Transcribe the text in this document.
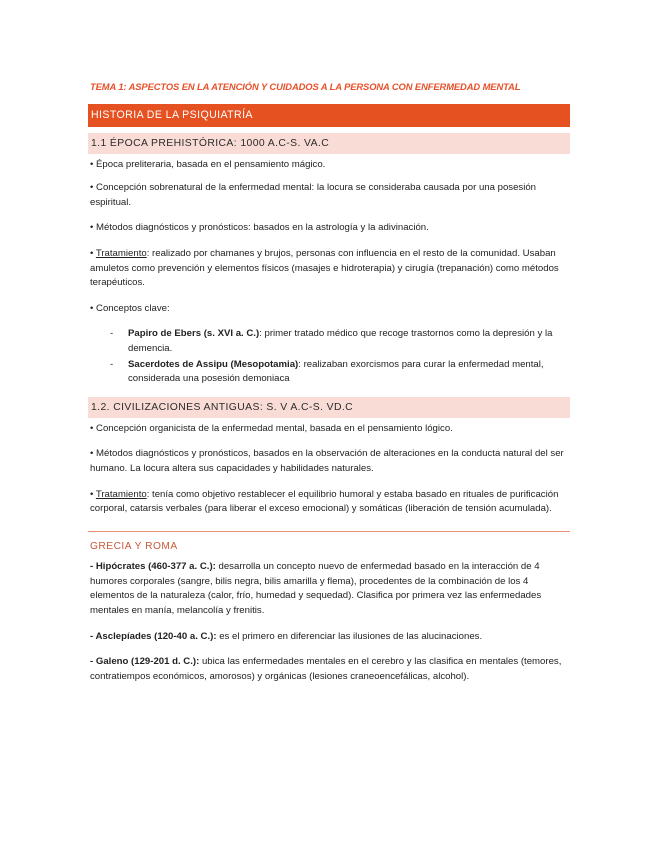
TEMA 1: ASPECTOS EN LA ATENCIÓN Y CUIDADOS A LA PERSONA CON ENFERMEDAD MENTAL
HISTORIA DE LA PSIQUIATRÍA
1.1 ÉPOCA PREHISTÓRICA: 1000 A.C-S. VA.C

• Época preliteraria, basada en el pensamiento mágico.

• Concepción sobrenatural de la enfermedad mental: la locura se consideraba causada por una posesión espiritual.

• Métodos diagnósticos y pronósticos: basados en la astrología y la adivinación.

• Tratamiento: realizado por chamanes y brujos, personas con influencia en el resto de la comunidad. Usaban amuletos como prevención y elementos físicos (masajes e hidroterapia) y cirugía (trepanación) como métodos terapéuticos.

• Conceptos clave:

- Papiro de Ebers (s. XVI a. C.): primer tratado médico que recoge trastornos como la depresión y la demencia.
- Sacerdotes de Assipu (Mesopotamia): realizaban exorcismos para curar la enfermedad mental, considerada una posesión demoniaca
1.2. CIVILIZACIONES ANTIGUAS: S. V A.C-S. VD.C

• Concepción organicista de la enfermedad mental, basada en el pensamiento lógico.

• Métodos diagnósticos y pronósticos, basados en la observación de alteraciones en la conducta natural del ser humano. La locura altera sus capacidades y habilidades naturales.

• Tratamiento: tenía como objetivo restablecer el equilibrio humoral y estaba basado en rituales de purificación corporal, catarsis verbales (para liberar el exceso emocional) y somáticas (liberación de tensión acumulada).

GRECIA Y ROMA

- Hipócrates (460-377 a. C.): desarrolla un concepto nuevo de enfermedad basado en la interacción de 4 humores corporales (sangre, bilis negra, bilis amarilla y flema), procedentes de la combinación de los 4 elementos de la naturaleza (calor, frío, humedad y sequedad). Clasifica por primera vez las enfermedades mentales en manía, melancolía y frenitis.

- Asclepíades (120-40 a. C.): es el primero en diferenciar las ilusiones de las alucinaciones.

- Galeno (129-201 d. C.): ubica las enfermedades mentales en el cerebro y las clasifica en mentales (temores, contratiempos económicos, amorosos) y orgánicas (lesiones craneoencefálicas, alcohol).
